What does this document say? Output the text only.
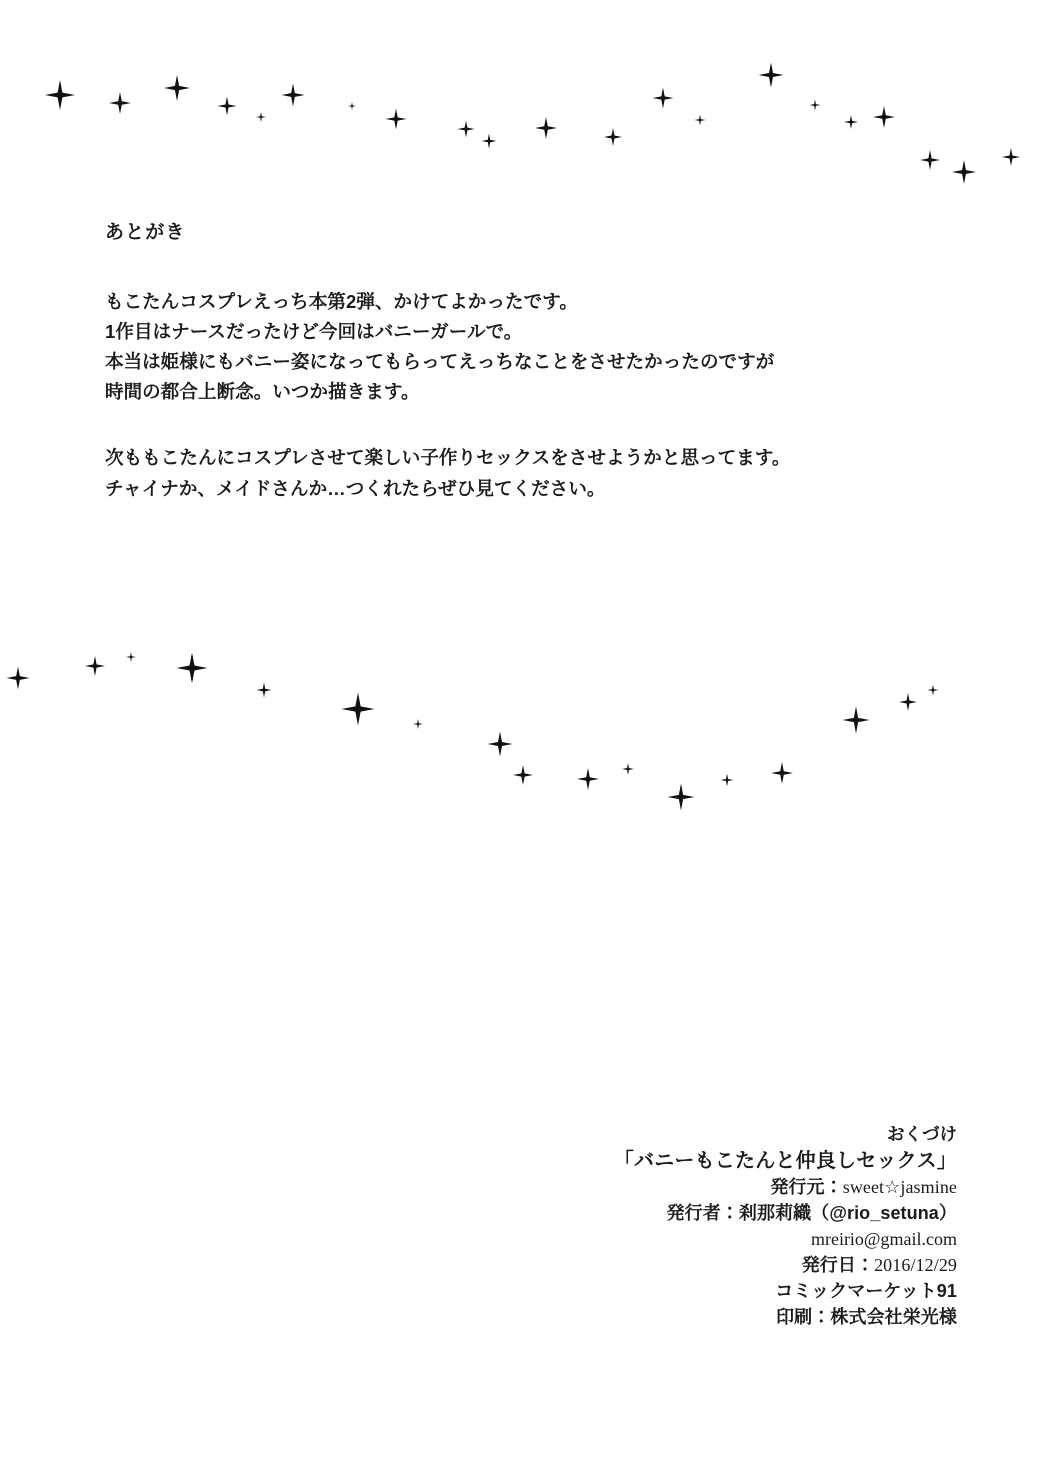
あとがき

もこたんコスプレえっち本第2弾、かけてよかったです。
1作目はナースだったけど今回はバニーガールで。
本当は姫様にもバニー姿になってもらってえっちなことをさせたかったのですが
時間の都合上断念。いつか描きます。

次ももこたんにコスプレさせて楽しい子作りセックスをさせようかと思ってます。
チャイナか、メイドさんか…つくれたらぜひ見てください。

おくづけ

「バニーもこたんと仲良しセックス」

発行元：sweet☆jasmine

発行者：刹那莉織（@rio_setuna）

mreirio@gmail.com

発行日：2016/12/29

コミックマーケット91

印刷：株式会社栄光様
